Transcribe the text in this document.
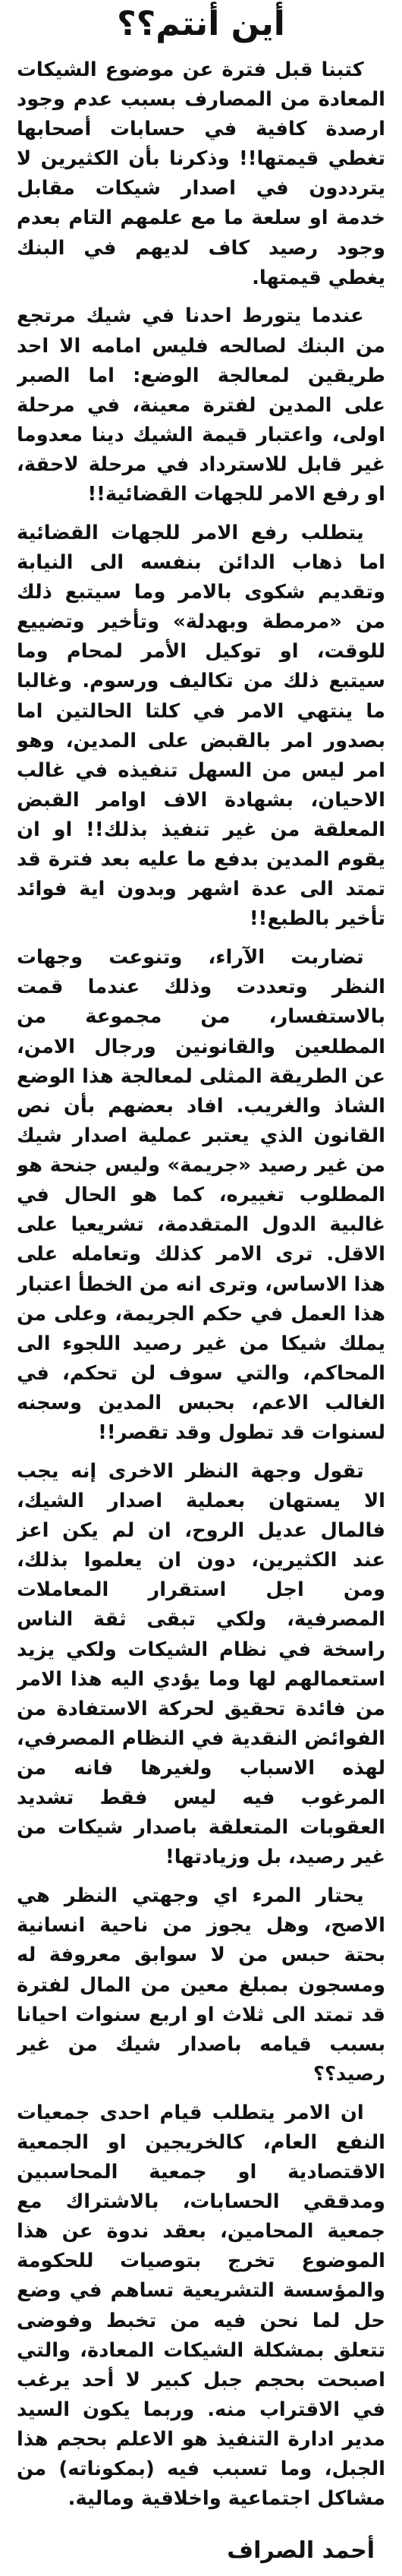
أين أنتم؟؟

كتبنا قبل فترة عن موضوع الشيكات المعادة من المصارف بسبب عدم وجود ارصدة كافية في حسابات أصحابها تغطي قيمتها!! وذكرنا بأن الكثيرين لا يترددون في اصدار شيكات مقابل خدمة او سلعة ما مع علمهم التام بعدم وجود رصيد كاف لديهم في البنك يغطي قيمتها.

عندما يتورط احدنا في شيك مرتجع من البنك لصالحه فليس امامه الا احد طريقين لمعالجة الوضع: اما الصبر على المدين لفترة معينة، في مرحلة اولى، واعتبار قيمة الشيك دينا معدوما غير قابل للاسترداد في مرحلة لاحقة، او رفع الامر للجهات القضائية!!

يتطلب رفع الامر للجهات القضائية اما ذهاب الدائن بنفسه الى النيابة وتقديم شكوى بالامر وما سيتبع ذلك من «مرمطة وبهدلة» وتأخير وتضييع للوقت، او توكيل الأمر لمحام وما سيتبع ذلك من تكاليف ورسوم. وغالبا ما ينتهي الامر في كلتا الحالتين اما بصدور امر بالقبض على المدين، وهو امر ليس من السهل تنفيذه في غالب الاحيان، بشهادة الاف اوامر القبض المعلقة من غير تنفيذ بذلك!! او ان يقوم المدين بدفع ما عليه بعد فترة قد تمتد الى عدة اشهر وبدون اية فوائد تأخير بالطبع!!

تضاربت الآراء، وتنوعت وجهات النظر وتعددت وذلك عندما قمت بالاستفسار، من مجموعة من المطلعين والقانونين ورجال الامن، عن الطريقة المثلى لمعالجة هذا الوضع الشاذ والغريب. افاد بعضهم بأن نص القانون الذي يعتبر عملية اصدار شيك من غير رصيد «جريمة» وليس جنحة هو المطلوب تغييره، كما هو الحال في غالبية الدول المتقدمة، تشريعيا على الاقل. ترى الامر كذلك وتعامله على هذا الاساس، وترى انه من الخطأ اعتبار هذا العمل في حكم الجريمة، وعلى من يملك شيكا من غير رصيد اللجوء الى المحاكم، والتي سوف لن تحكم، في الغالب الاعم، بحبس المدين وسجنه لسنوات قد تطول وقد تقصر!!

تقول وجهة النظر الاخرى إنه يجب الا يستهان بعملية اصدار الشيك، فالمال عديل الروح، ان لم يكن اعز عند الكثيرين، دون ان يعلموا بذلك، ومن اجل استقرار المعاملات المصرفية، ولكي تبقى ثقة الناس راسخة في نظام الشيكات ولكي يزيد استعمالهم لها وما يؤدي اليه هذا الامر من فائدة تحقيق لحركة الاستفادة من الفوائض النقدية في النظام المصرفي، لهذه الاسباب ولغيرها فانه من المرغوب فيه ليس فقط تشديد العقوبات المتعلقة باصدار شيكات من غير رصيد، بل وزيادتها!

يحتار المرء اي وجهتي النظر هي الاصح، وهل يجوز من ناحية انسانية بحتة حبس من لا سوابق معروفة له ومسجون بمبلغ معين من المال لفترة قد تمتد الى ثلاث او اربع سنوات احيانا بسبب قيامه باصدار شيك من غير رصيد؟؟

ان الامر يتطلب قيام احدى جمعيات النفع العام، كالخريجين او الجمعية الاقتصادية او جمعية المحاسبين ومدققي الحسابات، بالاشتراك مع جمعية المحامين، بعقد ندوة عن هذا الموضوع تخرج بتوصيات للحكومة والمؤسسة التشريعية تساهم في وضع حل لما نحن فيه من تخبط وفوضى تتعلق بمشكلة الشيكات المعادة، والتي اصبحت بحجم جبل كبير لا أحد يرغب في الاقتراب منه. وربما يكون السيد مدير ادارة التنفيذ هو الاعلم بحجم هذا الجبل، وما تسبب فيه (بمكوناته) من مشاكل اجتماعية واخلاقية ومالية.

أحمد الصراف
